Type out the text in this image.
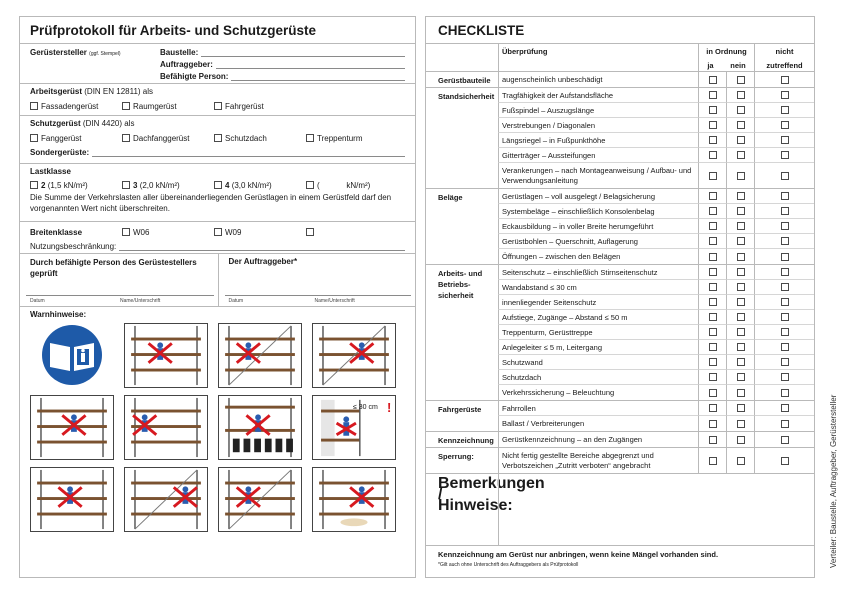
Prüfprotokoll für Arbeits- und Schutzgerüste
Gerüstersteller (ggf. Stempel)	Baustelle:
Auftraggeber:
Befähigte Person:
Arbeitsgerüst (DIN EN 12811) als
Fassadengerüst	Raumgerüst	Fahrgerüst
Schutzgerüst (DIN 4420) als
Fanggerüst	Dachfanggerüst	Schutzdach	Treppenturm
Sondergerüste:
Lastklasse
2
(1,5 kN/m²)	3
(2,0 kN/m²)	4
(3,0 kN/m²)	(            kN/m²)
Die Summe der Verkehrslasten aller übereinanderliegenden Gerüstlagen in einem Gerüstfeld darf den vorgenannten Wert nicht überschreiten.
Breitenklasse	W06	W09
Nutzungsbeschränkung:
Durch befähigte Person des Gerüstestellers geprüft
Datum	Name/Unterschrift
Der Auftraggeber*
Datum	Name/Unterschrift
Warnhinweise:
≤ 30 cm !
CHECKLISTE
Überprüfung	in Ordnung
ja nein
nicht
zutreffend
Gerüstbauteile	augenscheinlich unbeschädigt
Standsicherheit	Tragfähigkeit der Aufstandsfläche
Fußspindel – Auszugslänge
Verstrebungen / Diagonalen
Längsriegel – in Fußpunkthöhe
Gitterträger – Aussteifungen
Verankerungen – nach Montageanweisung / Aufbau- und Verwendungsanleitung
Beläge	Gerüstlagen – voll ausgelegt / Belagsicherung
Systembeläge – einschließlich Konsolenbelag
Eckausbildung – in voller Breite herumgeführt
Gerüstbohlen – Querschnitt, Auflagerung
Öffnungen – zwischen den Belägen
Arbeits- und Betriebs-sicherheit
Seitenschutz – einschließlich Stirnseitenschutz
Wandabstand ≤ 30 cm
innenliegender Seitenschutz
Aufstiege, Zugänge – Abstand ≤ 50 m
Treppenturm, Gerüsttreppe
Anlegeleiter ≤ 5 m, Leitergang
Schutzwand
Schutzdach
Verkehrssicherung – Beleuchtung
Fahrgerüste	Fahrrollen
Ballast / Verbreiterungen
Kennzeichnung	Gerüstkennzeichnung – an den Zugängen
Sperrung:	Nicht fertig gestellte Bereiche abgegrenzt und Verbotszeichen „Zutritt verboten“ angebracht
Bemerkungen / Hinweise:
Kennzeichnung am Gerüst nur anbringen, wenn keine Mängel vorhanden sind.
*Gilt auch ohne Unterschrift des Auftraggebers als Prüfprotokoll	Verteiler: Baustelle, Auftraggeber, Gerüstersteller
